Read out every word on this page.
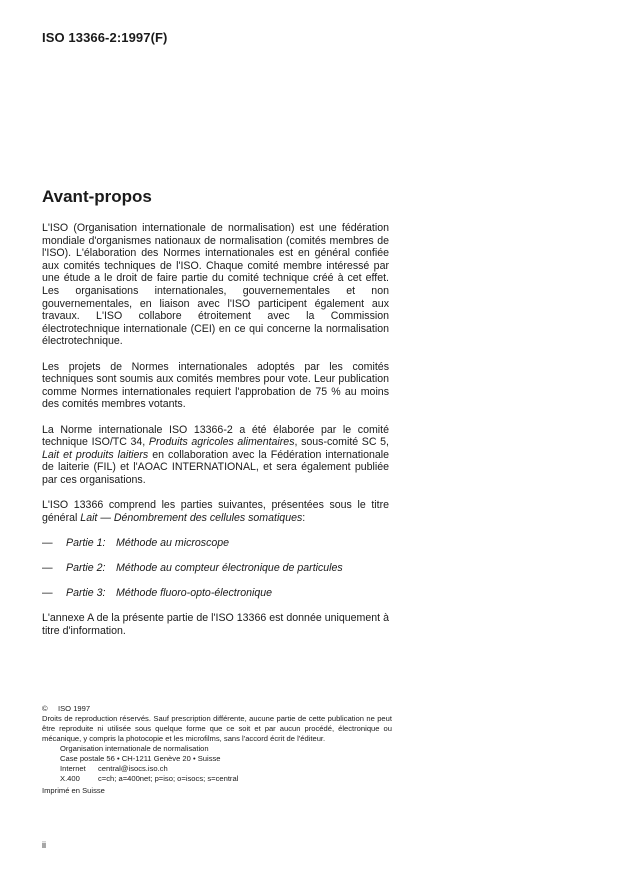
ISO 13366-2:1997(F)
Avant-propos

L'ISO (Organisation internationale de normalisation) est une fédération mondiale d'organismes nationaux de normalisation (comités membres de l'ISO). L'élaboration des Normes internationales est en général confiée aux comités techniques de l'ISO. Chaque comité membre intéressé par une étude a le droit de faire partie du comité technique créé à cet effet. Les organisations internationales, gouvernementales et non gouvernementales, en liaison avec l'ISO participent également aux travaux. L'ISO collabore étroitement avec la Commission électrotechnique internationale (CEI) en ce qui concerne la normalisation électrotechnique.

Les projets de Normes internationales adoptés par les comités techniques sont soumis aux comités membres pour vote. Leur publication comme Normes internationales requiert l'approbation de 75 % au moins des comités membres votants.

La Norme internationale ISO 13366-2 a été élaborée par le comité technique ISO/TC 34, Produits agricoles alimentaires, sous-comité SC 5, Lait et produits laitiers en collaboration avec la Fédération internationale de laiterie (FIL) et l'AOAC INTERNATIONAL, et sera également publiée par ces organisations.

L'ISO 13366 comprend les parties suivantes, présentées sous le titre général Lait — Dénombrement des cellules somatiques:

—	Partie 1: Méthode au microscope
—	Partie 2: Méthode au compteur électronique de particules
—	Partie 3: Méthode fluoro-opto-électronique

L'annexe A de la présente partie de l'ISO 13366 est donnée uniquement à titre d'information.

©	ISO 1997

Droits de reproduction réservés. Sauf prescription différente, aucune partie de cette publication ne peut être reproduite ni utilisée sous quelque forme que ce soit et par aucun procédé, électronique ou mécanique, y compris la photocopie et les microfilms, sans l'accord écrit de l'éditeur.

Organisation internationale de normalisation
Case postale 56 • CH-1211 Genève 20 • Suisse
Internet	central@isocs.iso.ch
X.400	c=ch; a=400net; p=iso; o=isocs; s=central
Imprimé en Suisse
ii
